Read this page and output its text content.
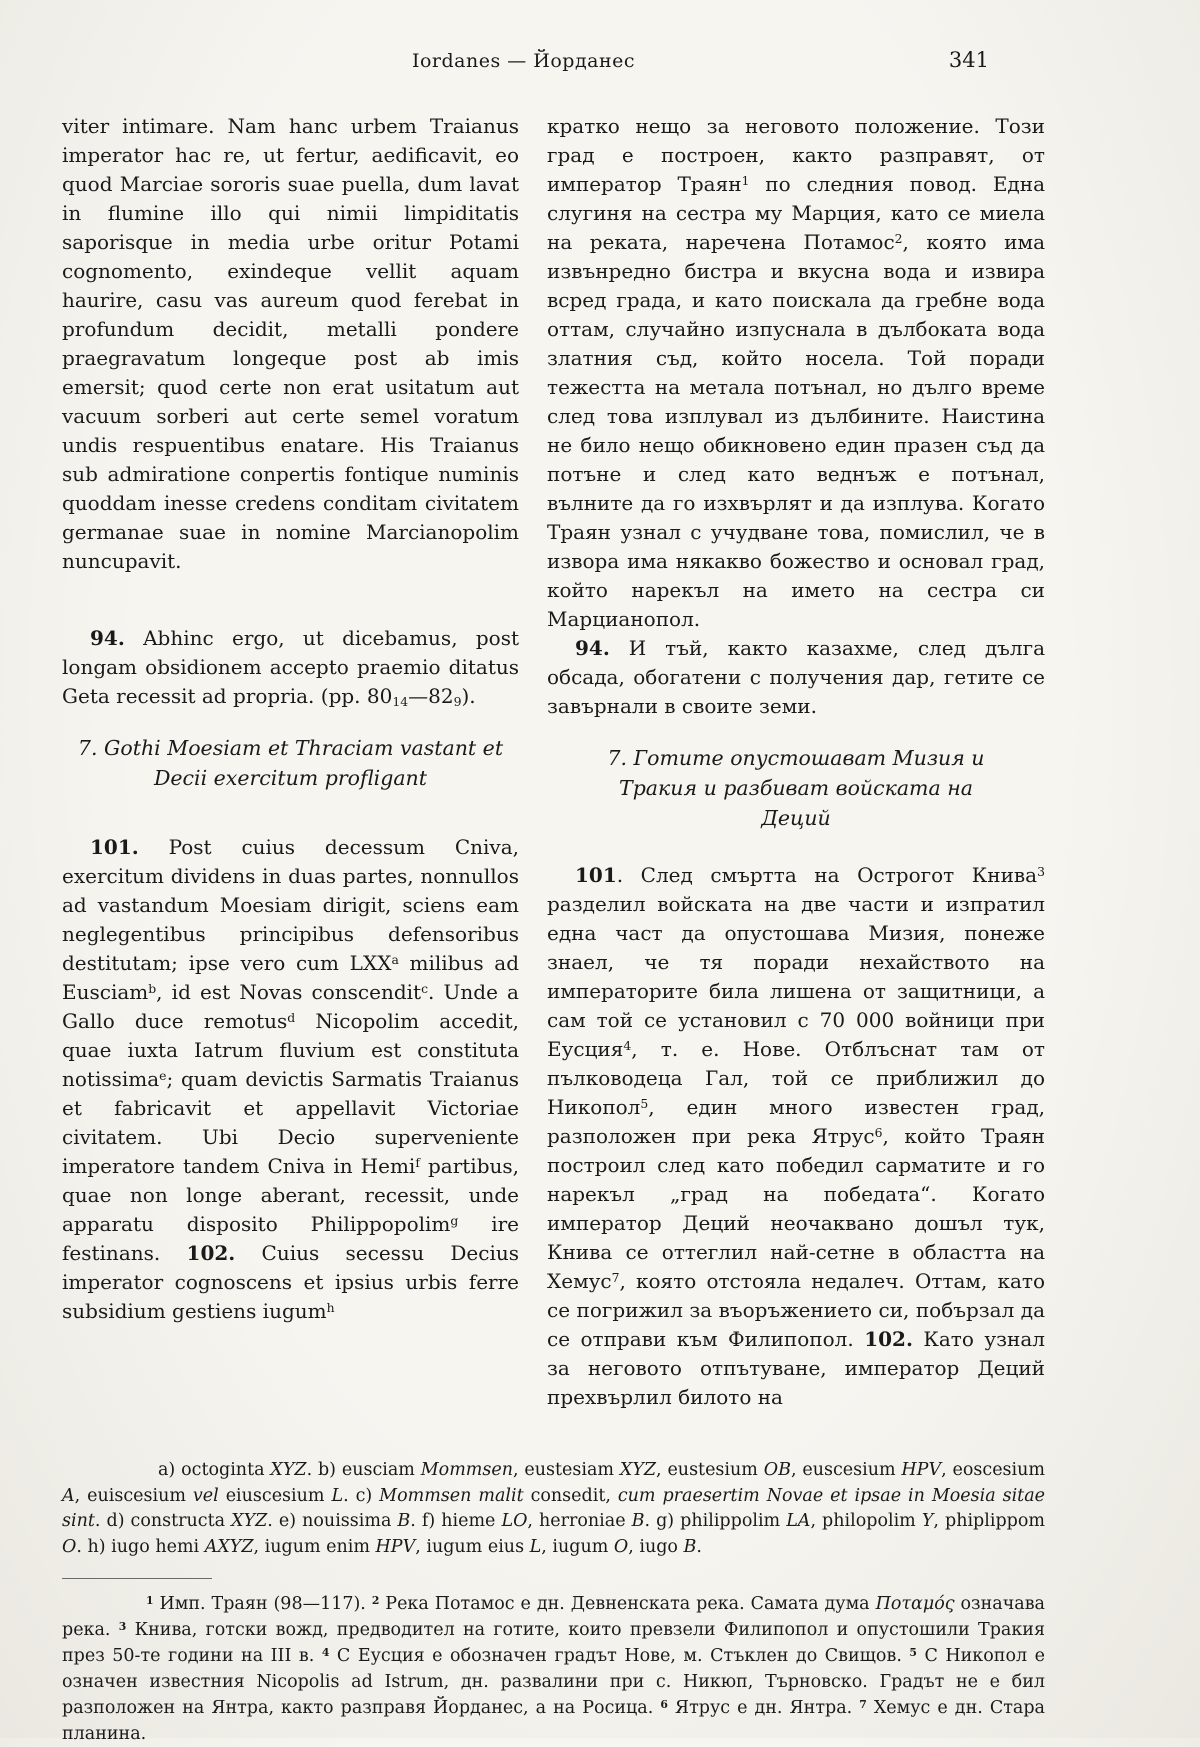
Iordanes — Йорданес	341

viter intimare. Nam hanc urbem Traianus imperator hac re, ut fertur, aedificavit, eo quod Marciae sororis suae puella, dum lavat in flumine illo qui nimii limpiditatis saporisque in media urbe oritur Potami cognomento, exindeque vellit aquam haurire, casu vas aureum quod ferebat in profundum decidit, metalli pondere praegravatum longeque post ab imis emersit; quod certe non erat usitatum aut vacuum sorberi aut certe semel voratum undis respuentibus enatare. His Traianus sub admiratione conpertis fontique numinis quoddam inesse credens conditam civitatem germanae suae in nomine Marcianopolim nuncupavit.

94. Abhinc ergo, ut dicebamus, post longam obsidionem accepto praemio ditatus Geta recessit ad propria. (pp. $80_{14}—82_9$).

7. Gothi Moesiam et Thraciam vastant et Decii exercitum profligant

101. Post cuius decessum Cniva, exercitum dividens in duas partes, nonnullos ad vastandum Moesiam dirigit, sciens eam neglegentibus principibus defensoribus destitutam; ipse vero cum LXX$^a$ milibus ad Eusciam$^b$, id est Novas conscendit$^c$. Unde a Gallo duce remotus$^d$ Nicopolim accedit, quae iuxta Iatrum fluvium est constituta notissima$^e$; quam devictis Sarmatis Traianus et fabricavit et appellavit Victoriae civitatem. Ubi Decio superveniente imperatore tandem Cniva in Hemi$^f$ partibus, quae non longe aberant, recessit, unde apparatu disposito Philippopolim$^g$ ire festinans. 102. Cuius secessu Decius imperator cognoscens et ipsius urbis ferre subsidium gestiens iugum$^h$

кратко нещо за неговото положение. Този град е построен, както разправят, от император Траян$^1$ по следния повод. Една слугиня на сестра му Марция, като се миела на реката, наречена Потамос$^2$, която има извънредно бистра и вкусна вода и извира всред града, и като поискала да гребне вода оттам, случайно изпуснала в дълбоката вода златния съд, който носела. Той поради тежестта на метала потънал, но дълго време след това изплувал из дълбините. Наистина не било нещо обикновено един празен съд да потъне и след като веднъж е потънал, вълните да го изхвърлят и да изплува. Когато Траян узнал с учудване това, помислил, че в извора има някакво божество и основал град, който нарекъл на името на сестра си Марцианопол.

94. И тъй, както казахме, след дълга обсада, обогатени с получения дар, гетите се завърнали в своите земи.

7. Готите опустошават Мизия и Тракия и разбиват войската на Деций

101. След смъртта на Острогот Книва$^3$ разделил войската на две части и изпратил една част да опустошава Мизия, понеже знаел, че тя поради нехайството на императорите била лишена от защитници, а сам той се установил с 70 000 войници при Еусция$^4$, т. е. Нове. Отблъснат там от пълководеца Гал, той се приближил до Никопол$^5$, един много известен град, разположен при река Ятрус$^6$, който Траян построил след като победил сарматите и го нарекъл „град на победата“. Когато император Деций неочаквано дошъл тук, Книва се оттеглил най-сетне в областта на Хемус$^7$, която отстояла недалеч. Оттам, като се погрижил за въоръжението си, побързал да се отправи към Филипопол. 102. Като узнал за неговото отпътуване, император Деций прехвърлил билото на

a) octoginta XYZ. b) eusciam Mommsen, eustesiam XYZ, eustesium OB, euscesium HPV, eoscesium A, euiscesium vel eiuscesium L. c) Mommsen malit consedit, cum praesertim Novae et ipsae in Moesia sitae sint. d) constructa XYZ. e) nouissima B. f) hieme LO, herroniae B. g) philippolim LA, philopolim Y, phiplippom O. h) iugo hemi AXYZ, iugum enim HPV, iugum eius L, iugum O, iugo B.
$^1$ Имп. Траян (98—117). $^2$ Река Потамос е дн. Девненската река. Самата дума Ποταμός означава река. $^3$ Книва, готски вожд, предводител на готите, които превзели Филипопол и опустошили Тракия през 50-те години на III в. $^4$ С Еусция е обозначен градът Нове, м. Стъклен до Свищов. $^5$ С Никопол е означен известния Nicopolis ad Istrum, дн. развалини при с. Никюп, Търновско. Градът не е бил разположен на Янтра, както разправя Йорданес, а на Росица. $^6$ Ятрус е дн. Янтра. $^7$ Хемус е дн. Стара планина.
